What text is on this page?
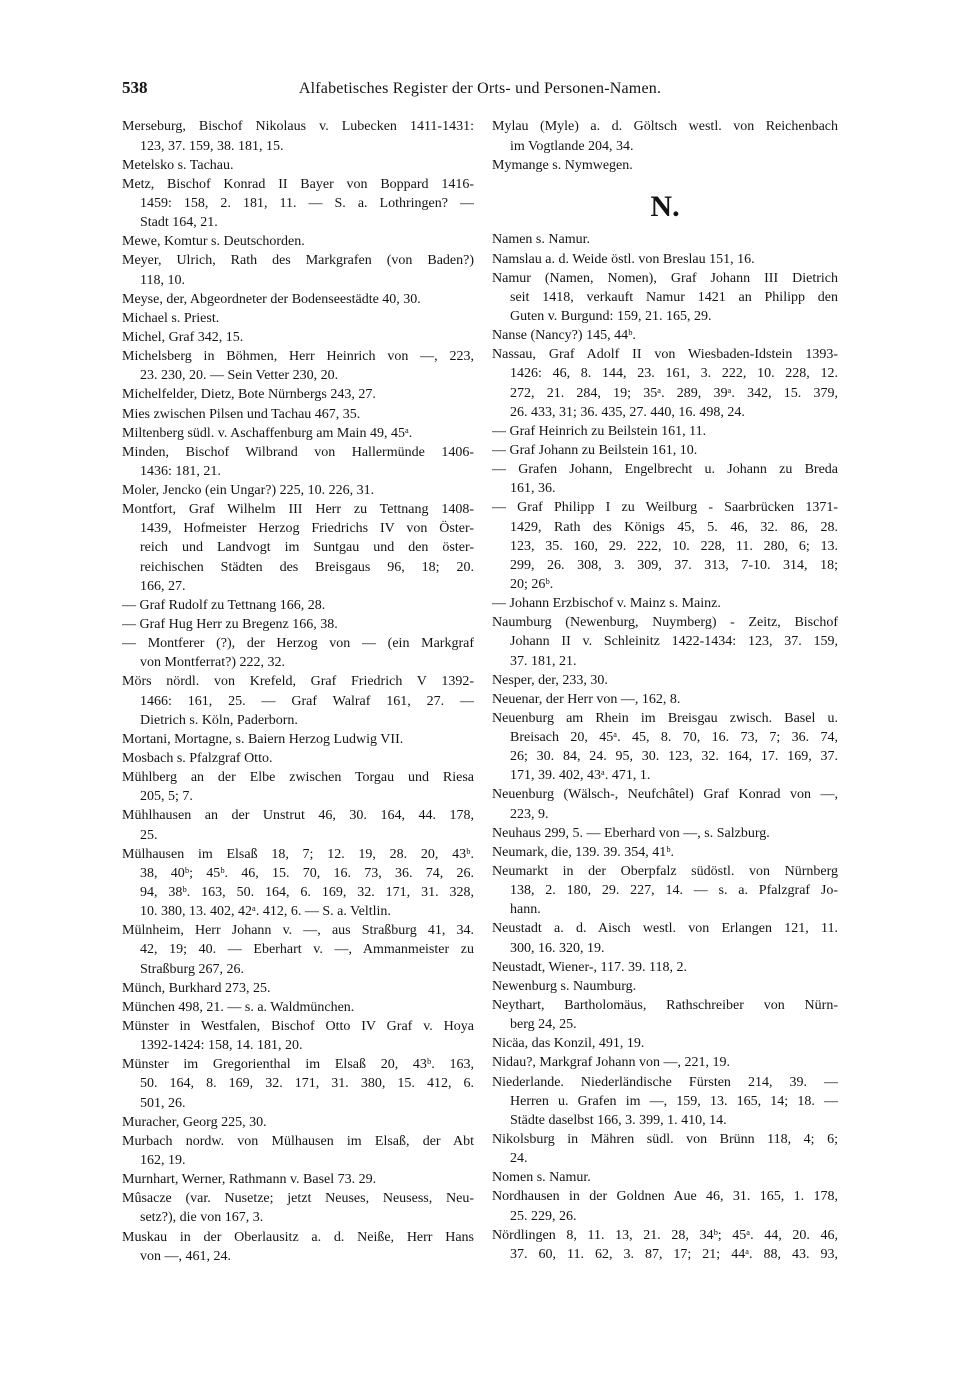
538	Alfabetisches Register der Orts- und Personen-Namen.
Merseburg, Bischof Nikolaus v. Lubecken 1411-1431:
123, 37. 159, 38. 181, 15.
Metelsko s. Tachau.
Metz, Bischof Konrad II Bayer von Boppard 1416-
1459: 158, 2. 181, 11. — S. a. Lothringen? —
Stadt 164, 21.
Mewe, Komtur s. Deutschorden.
Meyer, Ulrich, Rath des Markgrafen (von Baden?)
118, 10.
Meyse, der, Abgeordneter der Bodenseestädte 40, 30.
Michael s. Priest.
Michel, Graf 342, 15.
Michelsberg in Böhmen, Herr Heinrich von —, 223,
23. 230, 20. — Sein Vetter 230, 20.
Michelfelder, Dietz, Bote Nürnbergs 243, 27.
Mies zwischen Pilsen und Tachau 467, 35.
Miltenberg südl. v. Aschaffenburg am Main 49, 45ᵃ.
Minden, Bischof Wilbrand von Hallermünde 1406-
1436: 181, 21.
Moler, Jencko (ein Ungar?) 225, 10. 226, 31.
Montfort, Graf Wilhelm III Herr zu Tettnang 1408-
1439, Hofmeister Herzog Friedrichs IV von Öster-
reich und Landvogt im Suntgau und den öster-
reichischen Städten des Breisgaus 96, 18; 20.
166, 27.
— Graf Rudolf zu Tettnang 166, 28.
— Graf Hug Herr zu Bregenz 166, 38.
— Montferer (?), der Herzog von — (ein Markgraf
von Montferrat?) 222, 32.
Mörs nördl. von Krefeld, Graf Friedrich V 1392-
1466: 161, 25. — Graf Walraf 161, 27. —
Dietrich s. Köln, Paderborn.
Mortani, Mortagne, s. Baiern Herzog Ludwig VII.
Mosbach s. Pfalzgraf Otto.
Mühlberg an der Elbe zwischen Torgau und Riesa
205, 5; 7.
Mühlhausen an der Unstrut 46, 30. 164, 44. 178,
25.
Mülhausen im Elsaß 18, 7; 12. 19, 28. 20, 43ᵇ.
38, 40ᵇ; 45ᵇ. 46, 15. 70, 16. 73, 36. 74, 26.
94, 38ᵇ. 163, 50. 164, 6. 169, 32. 171, 31. 328,
10. 380, 13. 402, 42ᵃ. 412, 6. — S. a. Veltlin.
Mülnheim, Herr Johann v. —, aus Straßburg 41, 34.
42, 19; 40. — Eberhart v. —, Ammanmeister zu
Straßburg 267, 26.
Münch, Burkhard 273, 25.
München 498, 21. — s. a. Waldmünchen.
Münster in Westfalen, Bischof Otto IV Graf v. Hoya
1392-1424: 158, 14. 181, 20.
Münster im Gregorienthal im Elsaß 20, 43ᵇ. 163,
50. 164, 8. 169, 32. 171, 31. 380, 15. 412, 6.
501, 26.
Muracher, Georg 225, 30.
Murbach nordw. von Mülhausen im Elsaß, der Abt
162, 19.
Murnhart, Werner, Rathmann v. Basel 73. 29.
Mûsacze (var. Nusetze; jetzt Neuses, Neusess, Neu-
setz?), die von 167, 3.
Muskau in der Oberlausitz a. d. Neiße, Herr Hans
von —, 461, 24.
Mylau (Myle) a. d. Göltsch westl. von Reichenbach
im Vogtlande 204, 34.
Mymange s. Nymwegen.
N.
Namen s. Namur.
Namslau a. d. Weide östl. von Breslau 151, 16.
Namur (Namen, Nomen), Graf Johann III Dietrich
seit 1418, verkauft Namur 1421 an Philipp den
Guten v. Burgund: 159, 21. 165, 29.
Nanse (Nancy?) 145, 44ᵇ.
Nassau, Graf Adolf II von Wiesbaden-Idstein 1393-
1426: 46, 8. 144, 23. 161, 3. 222, 10. 228, 12.
272, 21. 284, 19; 35ᵃ. 289, 39ᵃ. 342, 15. 379,
26. 433, 31; 36. 435, 27. 440, 16. 498, 24.
— Graf Heinrich zu Beilstein 161, 11.
— Graf Johann zu Beilstein 161, 10.
— Grafen Johann, Engelbrecht u. Johann zu Breda
161, 36.
— Graf Philipp I zu Weilburg - Saarbrücken 1371-
1429, Rath des Königs 45, 5. 46, 32. 86, 28.
123, 35. 160, 29. 222, 10. 228, 11. 280, 6; 13.
299, 26. 308, 3. 309, 37. 313, 7-10. 314, 18;
20; 26ᵇ.
— Johann Erzbischof v. Mainz s. Mainz.
Naumburg (Newenburg, Nuymberg) - Zeitz, Bischof
Johann II v. Schleinitz 1422-1434: 123, 37. 159,
37. 181, 21.
Nesper, der, 233, 30.
Neuenar, der Herr von —, 162, 8.
Neuenburg am Rhein im Breisgau zwisch. Basel u.
Breisach 20, 45ᵃ. 45, 8. 70, 16. 73, 7; 36. 74,
26; 30. 84, 24. 95, 30. 123, 32. 164, 17. 169, 37.
171, 39. 402, 43ᵃ. 471, 1.
Neuenburg (Wälsch-, Neufchâtel) Graf Konrad von —,
223, 9.
Neuhaus 299, 5. — Eberhard von —, s. Salzburg.
Neumark, die, 139. 39. 354, 41ᵇ.
Neumarkt in der Oberpfalz südöstl. von Nürnberg
138, 2. 180, 29. 227, 14. — s. a. Pfalzgraf Jo-
hann.
Neustadt a. d. Aisch westl. von Erlangen 121, 11.
300, 16. 320, 19.
Neustadt, Wiener-, 117. 39. 118, 2.
Newenburg s. Naumburg.
Neythart, Bartholomäus, Rathschreiber von Nürn-
berg 24, 25.
Nicäa, das Konzil, 491, 19.
Nidau?, Markgraf Johann von —, 221, 19.
Niederlande. Niederländische Fürsten 214, 39. —
Herren u. Grafen im —, 159, 13. 165, 14; 18. —
Städte daselbst 166, 3. 399, 1. 410, 14.
Nikolsburg in Mähren südl. von Brünn 118, 4; 6;
24.
Nomen s. Namur.
Nordhausen in der Goldnen Aue 46, 31. 165, 1. 178,
25. 229, 26.
Nördlingen 8, 11. 13, 21. 28, 34ᵇ; 45ᵃ. 44, 20. 46,
37. 60, 11. 62, 3. 87, 17; 21; 44ᵃ. 88, 43. 93,
